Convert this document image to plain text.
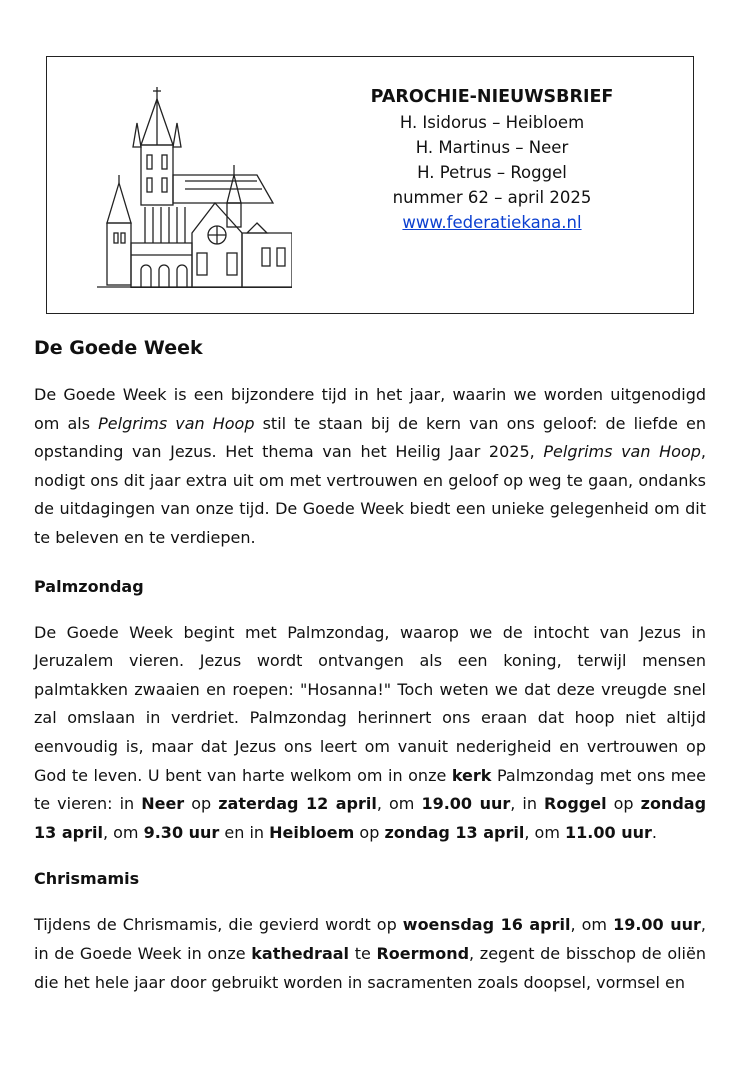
PAROCHIE-NIEUWSBRIEF
H. Isidorus – Heibloem
H. Martinus – Neer
H. Petrus – Roggel
nummer 62 – april 2025
www.federatiekana.nl
De Goede Week

De Goede Week is een bijzondere tijd in het jaar, waarin we worden uitgenodigd om als Pelgrims van Hoop stil te staan bij de kern van ons geloof: de liefde en opstanding van Jezus. Het thema van het Heilig Jaar 2025, Pelgrims van Hoop, nodigt ons dit jaar extra uit om met vertrouwen en geloof op weg te gaan, ondanks de uitdagingen van onze tijd. De Goede Week biedt een unieke gelegenheid om dit te beleven en te verdiepen.

Palmzondag

De Goede Week begint met Palmzondag, waarop we de intocht van Jezus in Jeruzalem vieren. Jezus wordt ontvangen als een koning, terwijl mensen palmtakken zwaaien en roepen: "Hosanna!" Toch weten we dat deze vreugde snel zal omslaan in verdriet. Palmzondag herinnert ons eraan dat hoop niet altijd eenvoudig is, maar dat Jezus ons leert om vanuit nederigheid en vertrouwen op God te leven. U bent van harte welkom om in onze kerk Palmzondag met ons mee te vieren: in Neer op zaterdag 12 april, om 19.00 uur, in Roggel op zondag 13 april, om 9.30 uur en in Heibloem op zondag 13 april, om 11.00 uur.

Chrismamis

Tijdens de Chrismamis, die gevierd wordt op woensdag 16 april, om 19.00 uur, in de Goede Week in onze kathedraal te Roermond, zegent de bisschop de oliën die het hele jaar door gebruikt worden in sacramenten zoals doopsel, vormsel en
